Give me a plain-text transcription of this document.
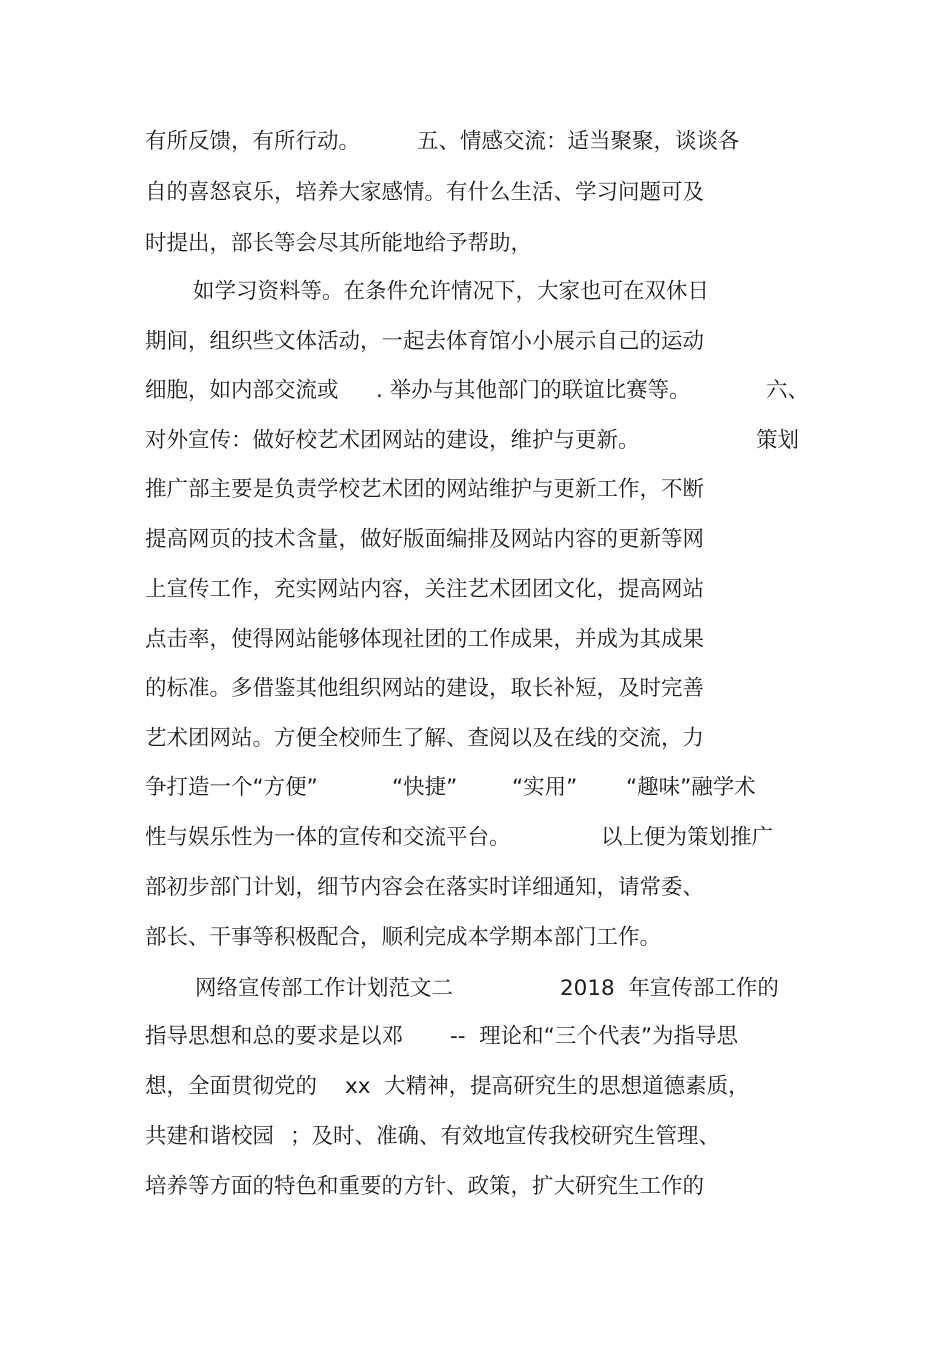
有所反馈，有所行动。

	五、情感交流：适当聚聚，谈谈各

自的喜怒哀乐，培养大家感情。有什么生活、学习问题可及

时提出，部长等会尽其所能地给予帮助，

如学习资料等。在条件允许情况下，大家也可在双休日

期间，组织些文体活动，一起去体育馆小小展示自己的运动

细胞，如内部交流或

. 举办与其他部门的联谊比赛等。

	六、

对外宣传：做好校艺术团网站的建设，维护与更新。

	策划

推广部主要是负责学校艺术团的网站维护与更新工作，不断

提高网页的技术含量，做好版面编排及网站内容的更新等网

上宣传工作，充实网站内容，关注艺术团团文化，提高网站

点击率，使得网站能够体现社团的工作成果，并成为其成果

的标准。多借鉴其他组织网站的建设，取长补短，及时完善

艺术团网站。方便全校师生了解、查阅以及在线的交流，力

争打造一个“方便”

	“快捷”

	“实用”

“趣味”融学术

性与娱乐性为一体的宣传和交流平台。

	以上便为策划推广

部初步部门计划，细节内容会在落实时详细通知，请常委、

部长、干事等积极配合，顺利完成本学期本部门工作。

网络宣传部工作计划范文二

	2018  年宣传部工作的

指导思想和总的要求是以邓

--  理论和“三个代表”为指导思

想，全面贯彻党的

xx  大精神，提高研究生的思想道德素质，

共建和谐校园

；及时、准确、有效地宣传我校研究生管理、

培养等方面的特色和重要的方针、政策，扩大研究生工作的
